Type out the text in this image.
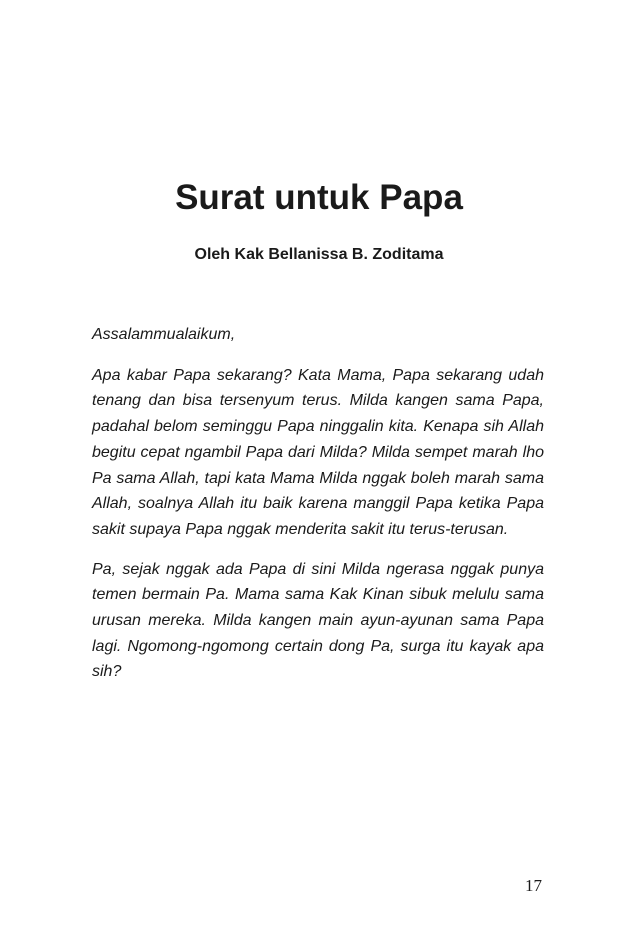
Surat untuk Papa
Oleh Kak Bellanissa B. Zoditama

Assalammualaikum,

Apa kabar Papa sekarang? Kata Mama, Papa sekarang udah tenang dan bisa tersenyum terus. Milda kangen sama Papa, padahal belom seminggu Papa ninggalin kita. Kenapa sih Allah begitu cepat ngambil Papa dari Milda? Milda sempet marah lho Pa sama Allah, tapi kata Mama Milda nggak boleh marah sama Allah, soalnya Allah itu baik karena manggil Papa ketika Papa sakit supaya Papa nggak menderita sakit itu terus-terusan.

Pa, sejak nggak ada Papa di sini Milda ngerasa nggak punya temen bermain Pa. Mama sama Kak Kinan sibuk melulu sama urusan mereka. Milda kangen main ayun-ayunan sama Papa lagi. Ngomong-ngomong certain dong Pa, surga itu kayak apa sih?

17
